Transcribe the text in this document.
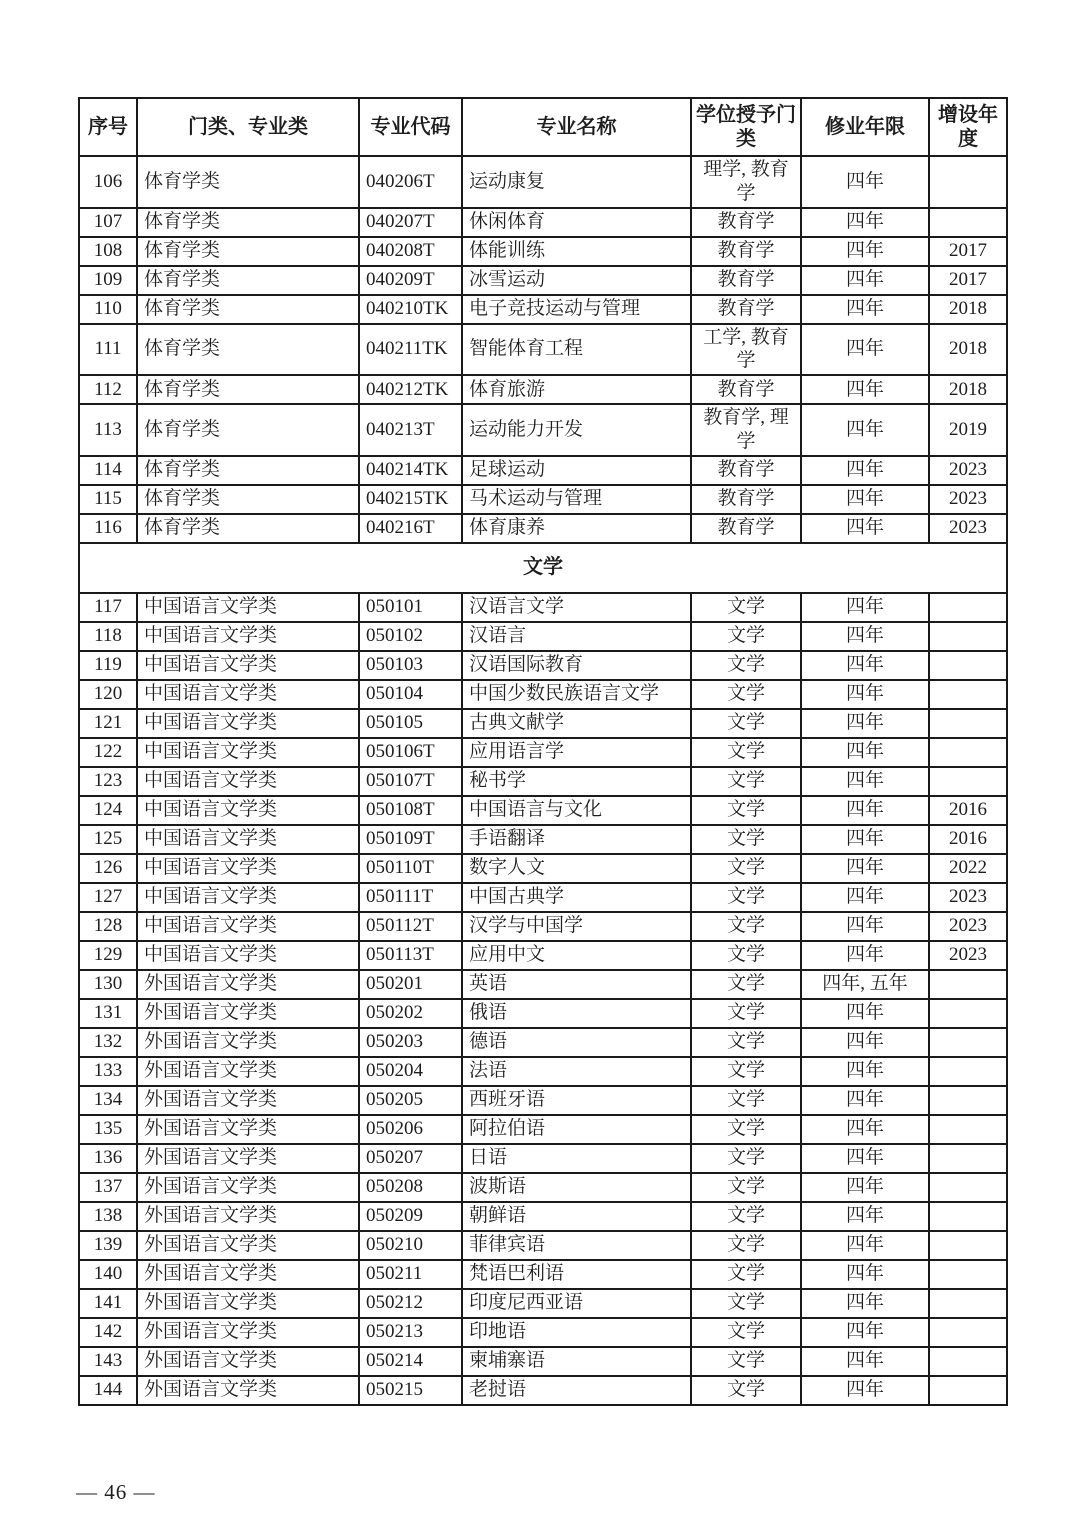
序号	门类、专业类	专业代码	专业名称	学位授予门类	修业年限	增设年度
106	体育学类	040206T	运动康复	理学, 教育学	四年	
107	体育学类	040207T	休闲体育	教育学	四年	
108	体育学类	040208T	体能训练	教育学	四年	2017
109	体育学类	040209T	冰雪运动	教育学	四年	2017
110	体育学类	040210TK	电子竞技运动与管理	教育学	四年	2018
111	体育学类	040211TK	智能体育工程	工学, 教育学	四年	2018
112	体育学类	040212TK	体育旅游	教育学	四年	2018
113	体育学类	040213T	运动能力开发	教育学, 理学	四年	2019
114	体育学类	040214TK	足球运动	教育学	四年	2023
115	体育学类	040215TK	马术运动与管理	教育学	四年	2023
116	体育学类	040216T	体育康养	教育学	四年	2023
文学						
117	中国语言文学类	050101	汉语言文学	文学	四年	
118	中国语言文学类	050102	汉语言	文学	四年	
119	中国语言文学类	050103	汉语国际教育	文学	四年	
120	中国语言文学类	050104	中国少数民族语言文学	文学	四年	
121	中国语言文学类	050105	古典文献学	文学	四年	
122	中国语言文学类	050106T	应用语言学	文学	四年	
123	中国语言文学类	050107T	秘书学	文学	四年	
124	中国语言文学类	050108T	中国语言与文化	文学	四年	2016
125	中国语言文学类	050109T	手语翻译	文学	四年	2016
126	中国语言文学类	050110T	数字人文	文学	四年	2022
127	中国语言文学类	050111T	中国古典学	文学	四年	2023
128	中国语言文学类	050112T	汉学与中国学	文学	四年	2023
129	中国语言文学类	050113T	应用中文	文学	四年	2023
130	外国语言文学类	050201	英语	文学	四年, 五年	
131	外国语言文学类	050202	俄语	文学	四年	
132	外国语言文学类	050203	德语	文学	四年	
133	外国语言文学类	050204	法语	文学	四年	
134	外国语言文学类	050205	西班牙语	文学	四年	
135	外国语言文学类	050206	阿拉伯语	文学	四年	
136	外国语言文学类	050207	日语	文学	四年	
137	外国语言文学类	050208	波斯语	文学	四年	
138	外国语言文学类	050209	朝鲜语	文学	四年	
139	外国语言文学类	050210	菲律宾语	文学	四年	
140	外国语言文学类	050211	梵语巴利语	文学	四年	
141	外国语言文学类	050212	印度尼西亚语	文学	四年	
142	外国语言文学类	050213	印地语	文学	四年	
143	外国语言文学类	050214	柬埔寨语	文学	四年	
144	外国语言文学类	050215	老挝语	文学	四年	
— 46 —
